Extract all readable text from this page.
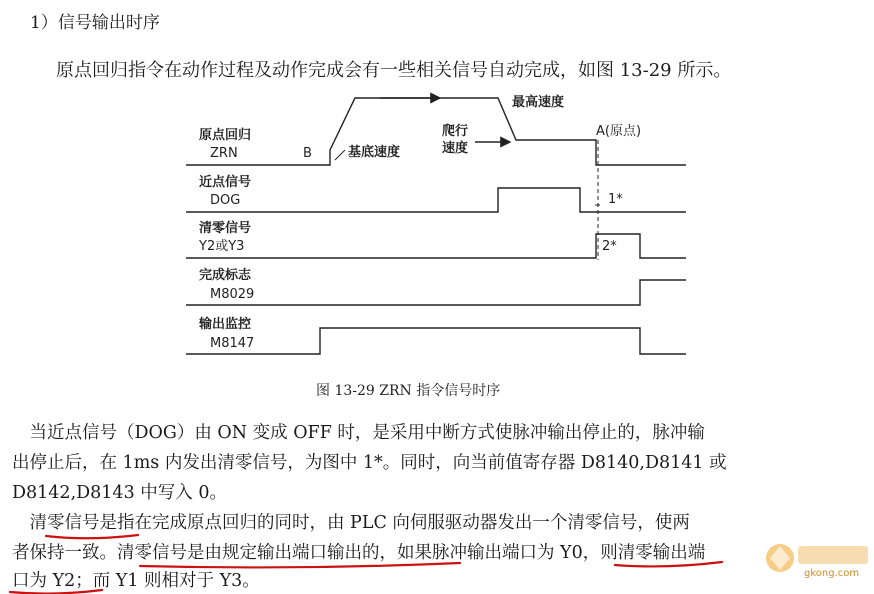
1）信号输出时序
原点回归指令在动作过程及动作完成会有一些相关信号自动完成，如图 13-29 所示。
原点回归
ZRN
近点信号
DOG
清零信号
Y2或Y3
完成标志
M8029
输出监控
M8147
B	基底速度
爬行
速度
最高速度
A(原点)
1*
2*
图 13-29 ZRN 指令信号时序
　当近点信号（DOG）由 ON 变成 OFF 时，是采用中断方式使脉冲输出停止的，脉冲输
出停止后，在 1ms 内发出清零信号，为图中 1*。同时，向当前值寄存器 D8140,D8141 或
D8142,D8143 中写入 0。
　清零信号是指在完成原点回归的同时，由 PLC 向伺服驱动器发出一个清零信号，使两
者保持一致。清零信号是由规定输出端口输出的，如果脉冲输出端口为 Y0，则清零输出端
口为 Y2；而 Y1 则相对于 Y3。	gkong.com
